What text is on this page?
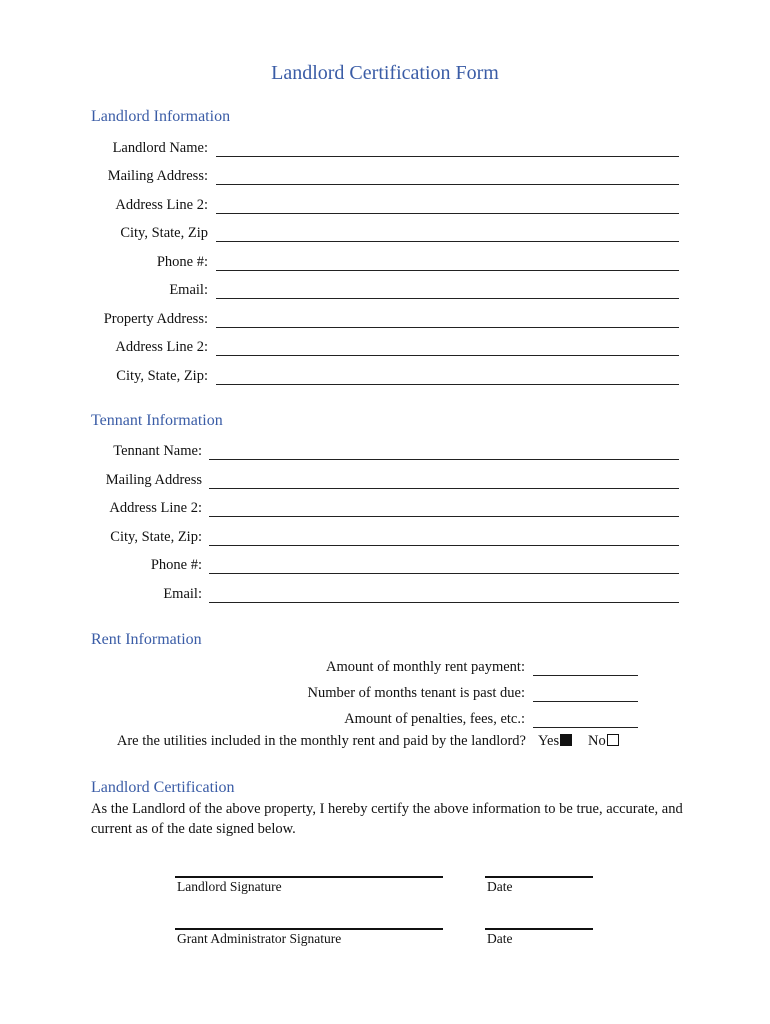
Landlord Certification Form
Landlord Information
Landlord Name:
Mailing Address:
Address Line 2:
City, State, Zip
Phone #:
Email:
Property Address:
Address Line 2:
City, State, Zip:
Tennant Information
Tennant Name:
Mailing Address
Address Line 2:
City, State, Zip:
Phone #:
Email:
Rent Information
Amount of monthly rent payment:
Number of months tenant is past due:
Amount of penalties, fees, etc.:
Are the utilities included in the monthly rent and paid by the landlord? Yes	No
Landlord Certification
As the Landlord of the above property, I hereby certify the above information to be true, accurate, and current as of the date signed below.
Landlord Signature	Date
Grant Administrator Signature	Date
